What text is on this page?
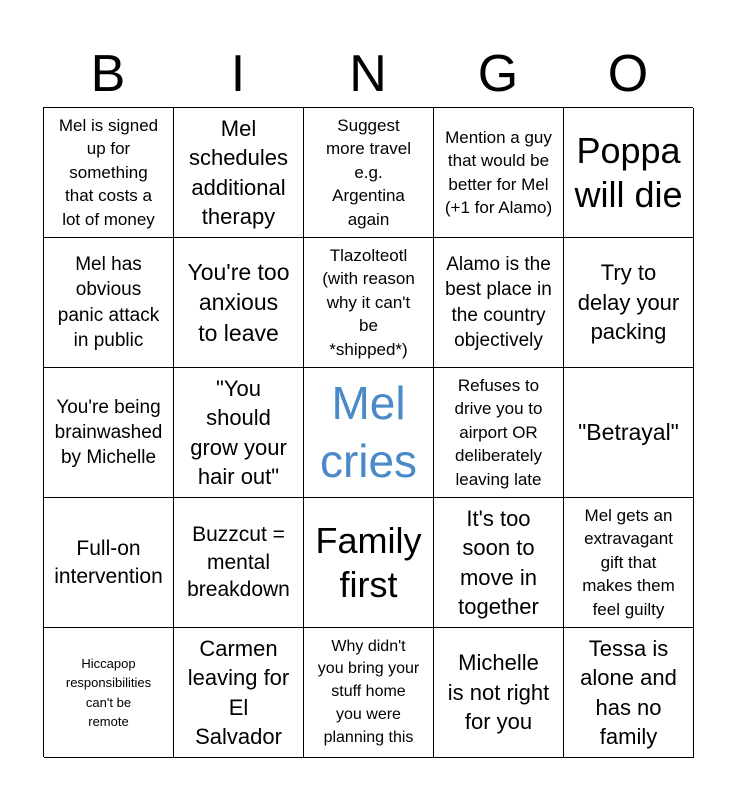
B	I	N	G	O
Mel is signed
up for
something
that costs a
lot of money
Mel
schedules
additional
therapy
Suggest
more travel
e.g.
Argentina
again
Mention a guy
that would be
better for Mel
(+1 for Alamo)
Poppa
will die
Mel has
obvious
panic attack
in public
You're too
anxious
to leave
Tlazolteotl
(with reason
why it can't
be
*shipped*)
Alamo is the
best place in
the country
objectively
Try to
delay your
packing
You're being
brainwashed
by Michelle
"You
should
grow your
hair out"
Mel
cries
Refuses to
drive you to
airport OR
deliberately
leaving late
"Betrayal"
Full-on
intervention
Buzzcut =
mental
breakdown
Family
first
It's too
soon to
move in
together
Mel gets an
extravagant
gift that
makes them
feel guilty
Hiccapop
responsibilities
can't be
remote
Carmen
leaving for
El
Salvador
Why didn't
you bring your
stuff home
you were
planning this
Michelle
is not right
for you
Tessa is
alone and
has no
family
